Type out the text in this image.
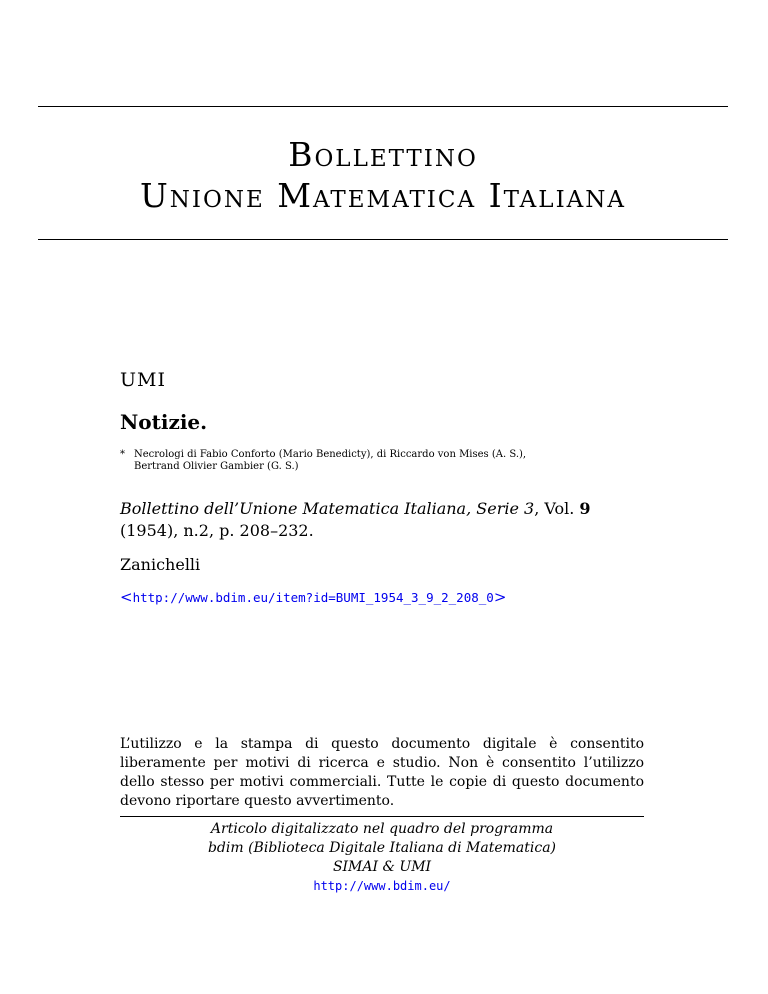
Bollettino
Unione Matematica Italiana
UMI
Notizie.
* Necrologi di Fabio Conforto (Mario Benedicty), di Riccardo von Mises (A. S.),
Bertrand Olivier Gambier (G. S.)
Bollettino dell’Unione Matematica Italiana, Serie 3, Vol. 9
(1954), n.2, p. 208–232.
Zanichelli
<http://www.bdim.eu/item?id=BUMI_1954_3_9_2_208_0>
L’utilizzo e la stampa di questo documento digitale è consentito liberamente per motivi di ricerca e studio. Non è consentito l’utilizzo dello stesso per motivi commerciali. Tutte le copie di questo documento devono riportare questo avvertimento.
Articolo digitalizzato nel quadro del programma
bdim (Biblioteca Digitale Italiana di Matematica)
SIMAI & UMI
http://www.bdim.eu/
